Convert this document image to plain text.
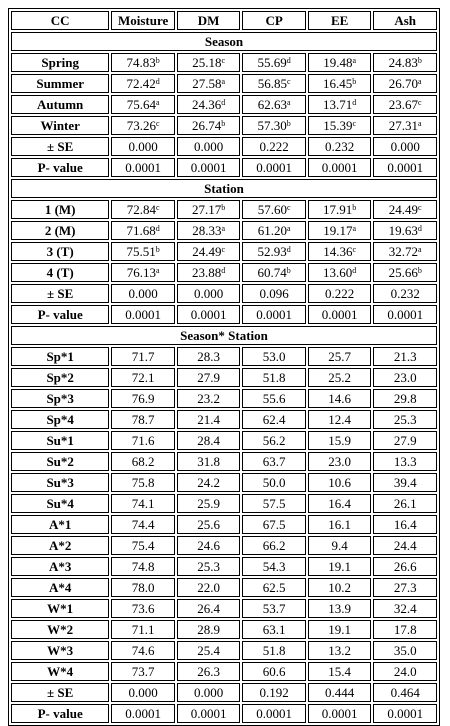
CC	Moisture	DM	CP	EE	Ash
Season					
Spring	74.83$^b$	25.18$^c$	55.69$^d$	19.48$^a$	24.83$^b$
Summer	72.42$^d$	27.58$^a$	56.85$^c$	16.45$^b$	26.70$^a$
Autumn	75.64$^a$	24.36$^d$	62.63$^a$	13.71$^d$	23.67$^c$
Winter	73.26$^c$	26.74$^b$	57.30$^b$	15.39$^c$	27.31$^a$
± SE	0.000	0.000	0.222	0.232	0.000
P- value	0.0001	0.0001	0.0001	0.0001	0.0001
Station					
1 (M)	72.84$^c$	27.17$^b$	57.60$^c$	17.91$^b$	24.49$^c$
2 (M)	71.68$^d$	28.33$^a$	61.20$^a$	19.17$^a$	19.63$^d$
3 (T)	75.51$^b$	24.49$^c$	52.93$^d$	14.36$^c$	32.72$^a$
4 (T)	76.13$^a$	23.88$^d$	60.74$^b$	13.60$^d$	25.66$^b$
± SE	0.000	0.000	0.096	0.222	0.232
P- value	0.0001	0.0001	0.0001	0.0001	0.0001
Season* Station					
Sp*1	71.7	28.3	53.0	25.7	21.3
Sp*2	72.1	27.9	51.8	25.2	23.0
Sp*3	76.9	23.2	55.6	14.6	29.8
Sp*4	78.7	21.4	62.4	12.4	25.3
Su*1	71.6	28.4	56.2	15.9	27.9
Su*2	68.2	31.8	63.7	23.0	13.3
Su*3	75.8	24.2	50.0	10.6	39.4
Su*4	74.1	25.9	57.5	16.4	26.1
A*1	74.4	25.6	67.5	16.1	16.4
A*2	75.4	24.6	66.2	9.4	24.4
A*3	74.8	25.3	54.3	19.1	26.6
A*4	78.0	22.0	62.5	10.2	27.3
W*1	73.6	26.4	53.7	13.9	32.4
W*2	71.1	28.9	63.1	19.1	17.8
W*3	74.6	25.4	51.8	13.2	35.0
W*4	73.7	26.3	60.6	15.4	24.0
± SE	0.000	0.000	0.192	0.444	0.464
P- value	0.0001	0.0001	0.0001	0.0001	0.0001
